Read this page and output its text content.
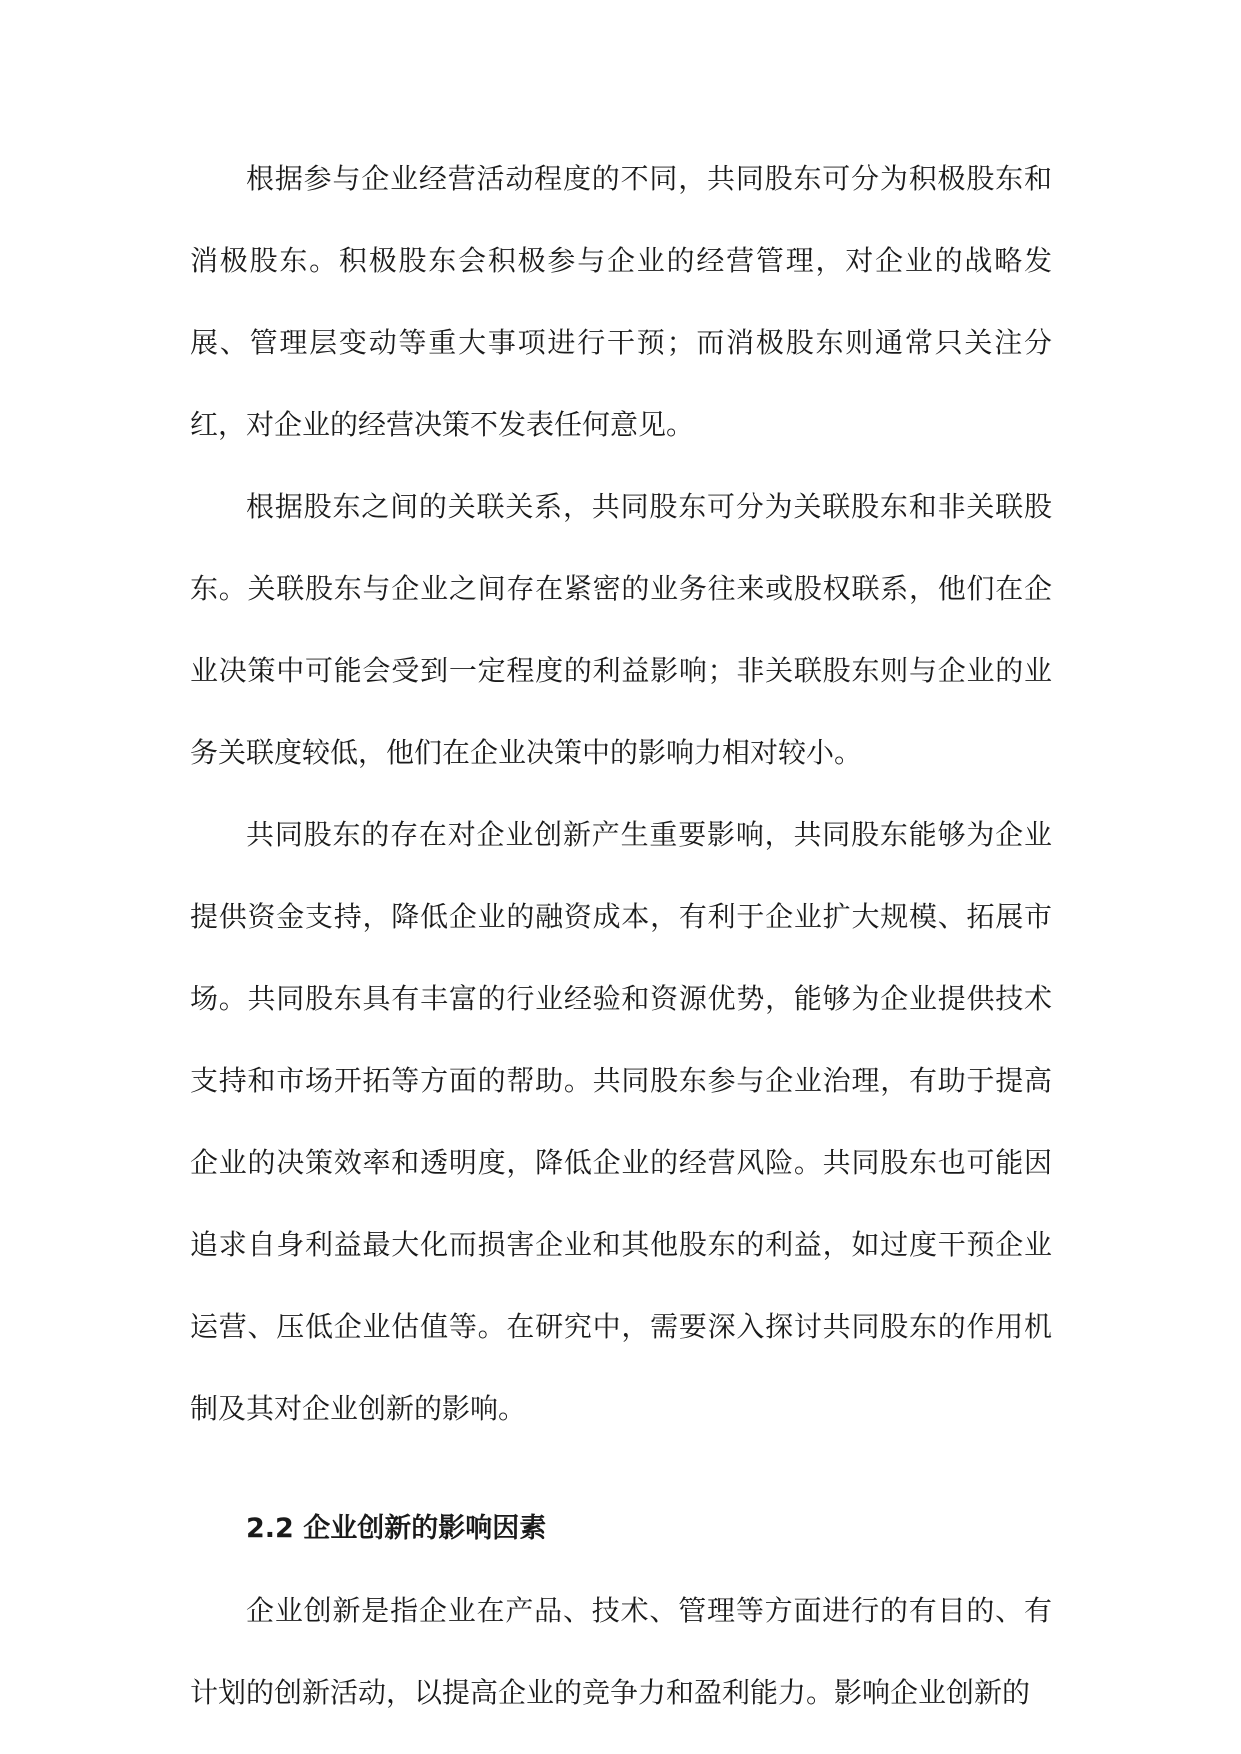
根据参与企业经营活动程度的不同，共同股东可分为积极股东和消极股东。积极股东会积极参与企业的经营管理，对企业的战略发展、管理层变动等重大事项进行干预；而消极股东则通常只关注分红，对企业的经营决策不发表任何意见。

根据股东之间的关联关系，共同股东可分为关联股东和非关联股东。关联股东与企业之间存在紧密的业务往来或股权联系，他们在企业决策中可能会受到一定程度的利益影响；非关联股东则与企业的业务关联度较低，他们在企业决策中的影响力相对较小。

共同股东的存在对企业创新产生重要影响，共同股东能够为企业提供资金支持，降低企业的融资成本，有利于企业扩大规模、拓展市场。共同股东具有丰富的行业经验和资源优势，能够为企业提供技术支持和市场开拓等方面的帮助。共同股东参与企业治理，有助于提高企业的决策效率和透明度，降低企业的经营风险。共同股东也可能因追求自身利益最大化而损害企业和其他股东的利益，如过度干预企业运营、压低企业估值等。在研究中，需要深入探讨共同股东的作用机制及其对企业创新的影响。

2.2 企业创新的影响因素

企业创新是指企业在产品、技术、管理等方面进行的有目的、有计划的创新活动，以提高企业的竞争力和盈利能力。影响企业创新的
